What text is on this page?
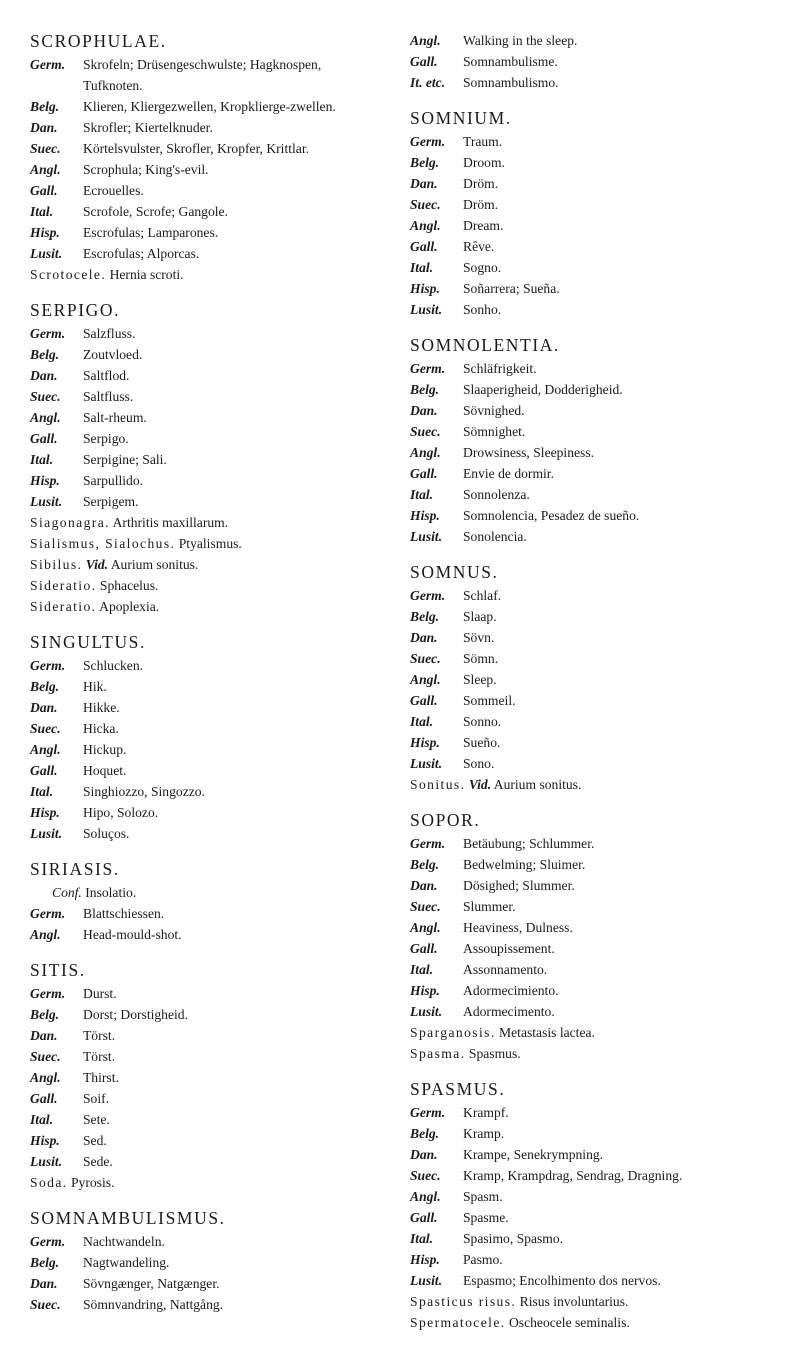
SCROPHULAE.
Germ.	Skrofeln; Drüsengeschwulste; Hagknospen, Tufknoten.
Belg.	Klieren, Kliergezwellen, Kropklierge-zwellen.
Dan.	Skrofler; Kiertelknuder.
Suec.	Körtelsvulster, Skrofler, Kropfer, Krittlar.
Angl.	Scrophula; King's-evil.
Gall.	Ecrouelles.
Ital.	Scrofole, Scrofe; Gangole.
Hisp.	Escrofulas; Lamparones.
Lusit.	Escrofulas; Alporcas.
Scrotocele. Hernia scroti.
SERPIGO.
Germ.	Salzfluss.
Belg.	Zoutvloed.
Dan.	Saltflod.
Suec.	Saltfluss.
Angl.	Salt-rheum.
Gall.	Serpigo.
Ital.	Serpigine; Sali.
Hisp.	Sarpullido.
Lusit.	Serpigem.
Siagonagra. Arthritis maxillarum.
Sialismus, Sialochus. Ptyalismus.
Sibilus. Vid. Aurium sonitus.
Sideratio. Sphacelus.
Sideratio. Apoplexia.
SINGULTUS.
Germ.	Schlucken.
Belg.	Hik.
Dan.	Hikke.
Suec.	Hicka.
Angl.	Hickup.
Gall.	Hoquet.
Ital.	Singhiozzo, Singozzo.
Hisp.	Hipo, Solozo.
Lusit.	Soluços.
SIRIASIS.
Conf. Insolatio.
Germ.	Blattschiessen.
Angl.	Head-mould-shot.
SITIS.
Germ.	Durst.
Belg.	Dorst; Dorstigheid.
Dan.	Törst.
Suec.	Törst.
Angl.	Thirst.
Gall.	Soif.
Ital.	Sete.
Hisp.	Sed.
Lusit.	Sede.
Soda. Pyrosis.
SOMNAMBULISMUS.
Germ.	Nachtwandeln.
Belg.	Nagtwandeling.
Dan.	Sövngænger, Natgænger.
Suec.	Sömnvandring, Nattgång.
Angl.	Walking in the sleep.
Gall.	Somnambulisme.
It. etc.	Somnambulismo.
SOMNIUM.
Germ.	Traum.
Belg.	Droom.
Dan.	Dröm.
Suec.	Dröm.
Angl.	Dream.
Gall.	Rêve.
Ital.	Sogno.
Hisp.	Soñarrera; Sueña.
Lusit.	Sonho.
SOMNOLENTIA.
Germ.	Schläfrigkeit.
Belg.	Slaaperigheid, Dodderigheid.
Dan.	Sövnighed.
Suec.	Sömnighet.
Angl.	Drowsiness, Sleepiness.
Gall.	Envie de dormir.
Ital.	Sonnolenza.
Hisp.	Somnolencia, Pesadez de sueño.
Lusit.	Sonolencia.
SOMNUS.
Germ.	Schlaf.
Belg.	Slaap.
Dan.	Sövn.
Suec.	Sömn.
Angl.	Sleep.
Gall.	Sommeil.
Ital.	Sonno.
Hisp.	Sueño.
Lusit.	Sono.
Sonitus. Vid. Aurium sonitus.
SOPOR.
Germ.	Betäubung; Schlummer.
Belg.	Bedwelming; Sluimer.
Dan.	Dösighed; Slummer.
Suec.	Slummer.
Angl.	Heaviness, Dulness.
Gall.	Assoupissement.
Ital.	Assonnamento.
Hisp.	Adormecimiento.
Lusit.	Adormecimento.
Sparganosis. Metastasis lactea.
Spasma. Spasmus.
SPASMUS.
Germ.	Krampf.
Belg.	Kramp.
Dan.	Krampe, Senekrympning.
Suec.	Kramp, Krampdrag, Sendrag, Dragning.
Angl.	Spasm.
Gall.	Spasme.
Ital.	Spasimo, Spasmo.
Hisp.	Pasmo.
Lusit.	Espasmo; Encolhimento dos nervos.
Spasticus risus. Risus involuntarius.
Spermatocele. Oscheocele seminalis.
